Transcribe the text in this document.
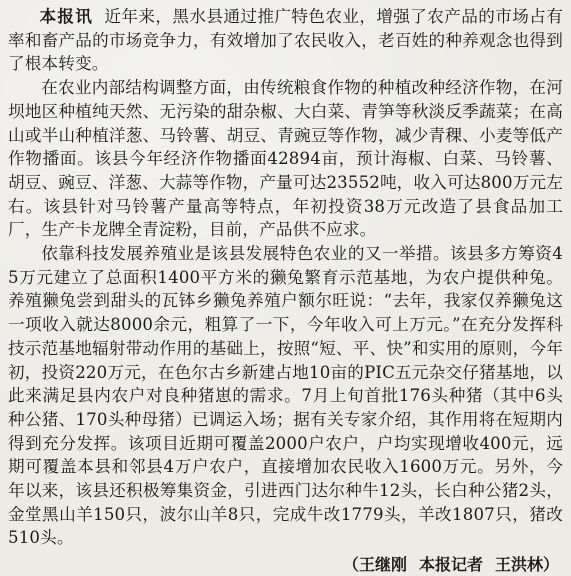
本报讯 近年来，黑水县通过推广特色农业，增强了农产品的市场占有率和畜产品的市场竞争力，有效增加了农民收入，老百姓的种养观念也得到了根本转变。

在农业内部结构调整方面，由传统粮食作物的种植改种经济作物，在河坝地区种植纯天然、无污染的甜杂椒、大白菜、青笋等秋淡反季蔬菜；在高山或半山种植洋葱、马铃薯、胡豆、青豌豆等作物，减少青稞、小麦等低产作物播面。该县今年经济作物播面42894亩，预计海椒、白菜、马铃薯、胡豆、豌豆、洋葱、大蒜等作物，产量可达23552吨，收入可达800万元左右。该县针对马铃薯产量高等特点，年初投资38万元改造了县食品加工厂，生产卡龙牌全青淀粉，目前，产品供不应求。

依靠科技发展养殖业是该县发展特色农业的又一举措。该县多方筹资45万元建立了总面积1400平方米的獭兔繁育示范基地，为农户提供种兔。养殖獭兔尝到甜头的瓦钵乡獭兔养殖户额尔旺说：“去年，我家仅养獭兔这一项收入就达8000余元，粗算了一下，今年收入可上万元。”在充分发挥科技示范基地辐射带动作用的基础上，按照“短、平、快”和实用的原则，今年初，投资220万元，在色尔古乡新建占地10亩的PIC五元杂交仔猪基地，以此来满足县内农户对良种猪崽的需求。7月上旬首批176头种猪（其中6头种公猪、170头种母猪）已调运入场；据有关专家介绍，其作用将在短期内得到充分发挥。该项目近期可覆盖2000户农户，户均实现增收400元，远期可覆盖本县和邻县4万户农户，直接增加农民收入1600万元。另外，今年以来，该县还积极筹集资金，引进西门达尔种牛12头，长白种公猪2头，金堂黑山羊150只，波尔山羊8只，完成牛改1779头，羊改1807只，猪改510头。

（王继刚 本报记者 王洪林）
